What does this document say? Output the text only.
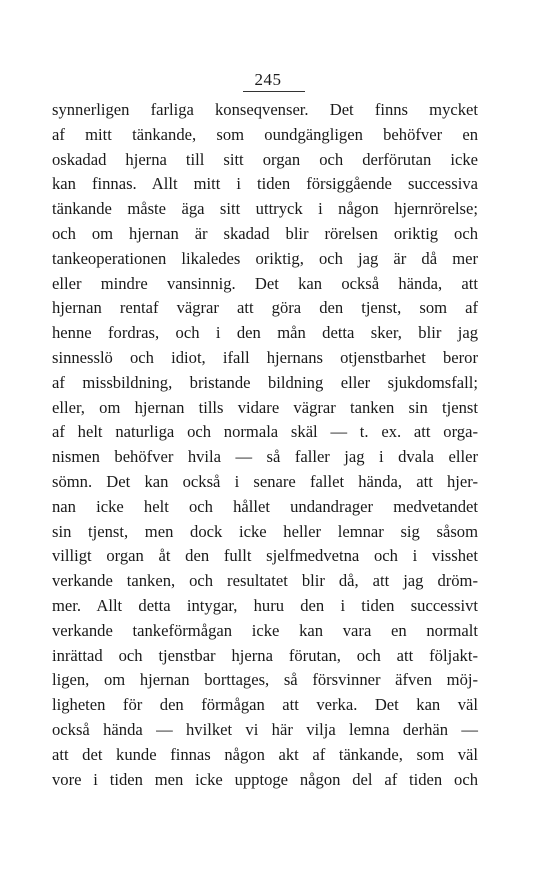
245
synnerligen farliga konseqvenser. Det finns mycket
af mitt tänkande, som oundgängligen behöfver en
oskadad hjerna till sitt organ och derförutan icke
kan finnas. Allt mitt i tiden försiggående successiva
tänkande måste äga sitt uttryck i någon hjernrörelse;
och om hjernan är skadad blir rörelsen oriktig och
tankeoperationen likaledes oriktig, och jag är då mer
eller mindre vansinnig. Det kan också hända, att
hjernan rentaf vägrar att göra den tjenst, som af
henne fordras, och i den mån detta sker, blir jag
sinnesslö och idiot, ifall hjernans otjenstbarhet beror
af missbildning, bristande bildning eller sjukdomsfall;
eller, om hjernan tills vidare vägrar tanken sin tjenst
af helt naturliga och normala skäl — t. ex. att orga-
nismen behöfver hvila — så faller jag i dvala eller
sömn. Det kan också i senare fallet hända, att hjer-
nan icke helt och hållet undandrager medvetandet
sin tjenst, men dock icke heller lemnar sig såsom
villigt organ åt den fullt sjelfmedvetna och i visshet
verkande tanken, och resultatet blir då, att jag dröm-
mer. Allt detta intygar, huru den i tiden successivt
verkande tankeförmågan icke kan vara en normalt
inrättad och tjenstbar hjerna förutan, och att följakt-
ligen, om hjernan borttages, så försvinner äfven möj-
ligheten för den förmågan att verka. Det kan väl
också hända — hvilket vi här vilja lemna derhän —
att det kunde finnas någon akt af tänkande, som väl
vore i tiden men icke upptoge någon del af tiden och
